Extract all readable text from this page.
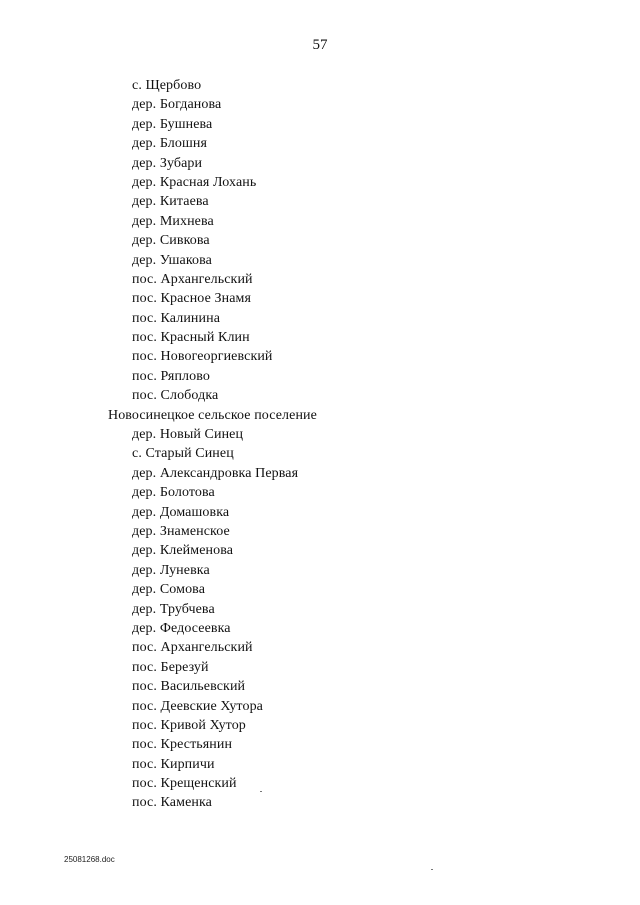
57
с. Щербово
дер. Богданова
дер. Бушнева
дер. Блошня
дер. Зубари
дер. Красная Лохань
дер. Китаева
дер. Михнева
дер. Сивкова
дер. Ушакова
пос. Архангельский
пос. Красное Знамя
пос. Калинина
пос. Красный Клин
пос. Новогеоргиевский
пос. Ряплово
пос. Слободка
Новосинецкое сельское поселение
дер. Новый Синец
с. Старый Синец
дер. Александровка Первая
дер. Болотова
дер. Домашовка
дер. Знаменское
дер. Клейменова
дер. Луневка
дер. Сомова
дер. Трубчева
дер. Федосеевка
пос. Архангельский
пос. Березуй
пос. Васильевский
пос. Деевские Хутора
пос. Кривой Хутор
пос. Крестьянин
пос. Кирпичи
пос. Крещенский
пос. Каменка
25081268.doc
